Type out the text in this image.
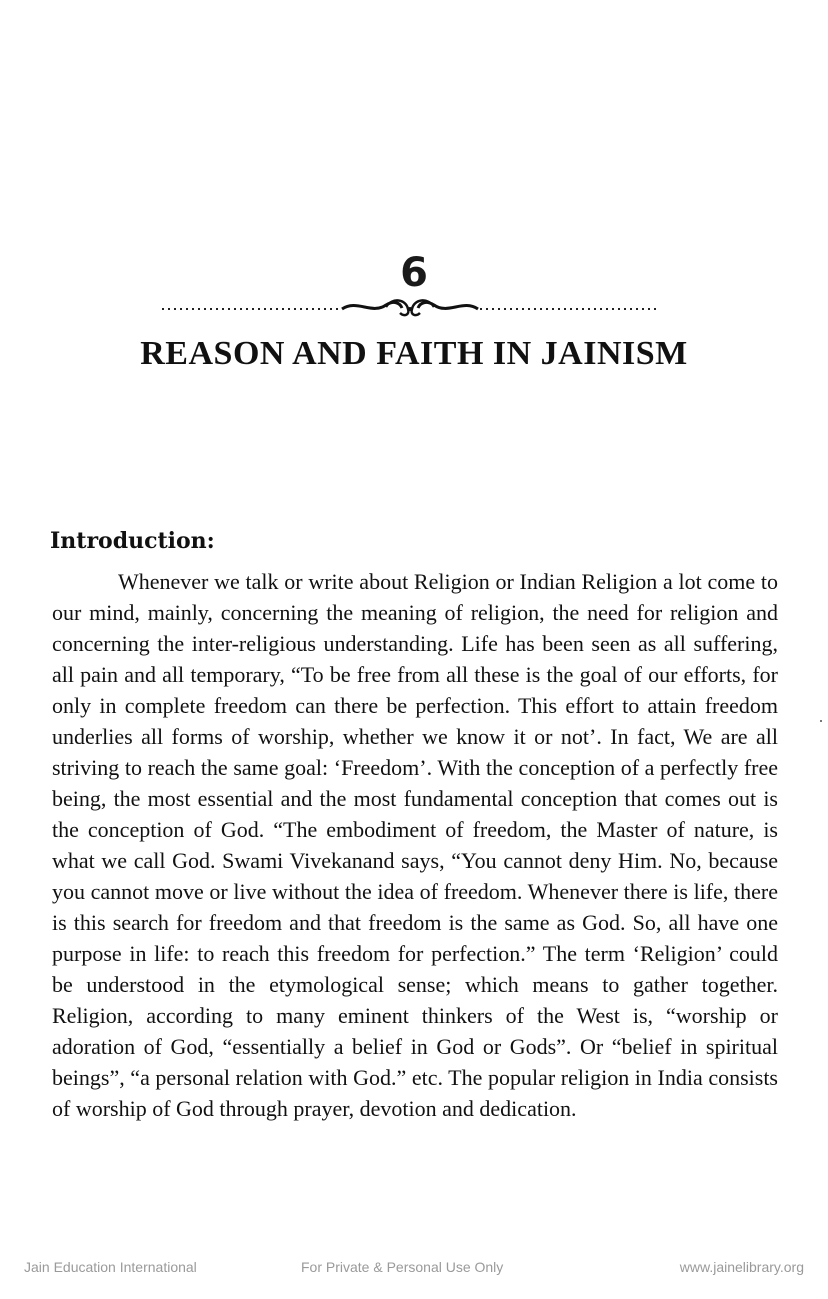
6
REASON AND FAITH IN JAINISM
Introduction:

Whenever we talk or write about Religion or Indian Religion a lot come to our mind, mainly, concerning the meaning of religion, the need for religion and concerning the inter-religious understanding. Life has been seen as all suffering, all pain and all temporary, “To be free from all these is the goal of our efforts, for only in complete freedom can there be perfection. This effort to attain freedom underlies all forms of worship, whether we know it or not’. In fact, We are all striving to reach the same goal: ‘Freedom’. With the conception of a perfectly free being, the most essential and the most fundamental conception that comes out is the conception of God. “The embodiment of freedom, the Master of nature, is what we call God. Swami Vivekanand says, “You cannot deny Him. No, because you cannot move or live without the idea of freedom. Whenever there is life, there is this search for freedom and that freedom is the same as God. So, all have one purpose in life: to reach this freedom for perfection.” The term ‘Religion’ could be understood in the etymological sense; which means to gather together. Religion, according to many eminent thinkers of the West is, “worship or adoration of God, “essentially a belief in God or Gods”. Or “belief in spiritual beings”, “a personal relation with God.” etc. The popular religion in India consists of worship of God through prayer, devotion and dedication.

Jain Education International	For Private & Personal Use Only	www.jainelibrary.org
